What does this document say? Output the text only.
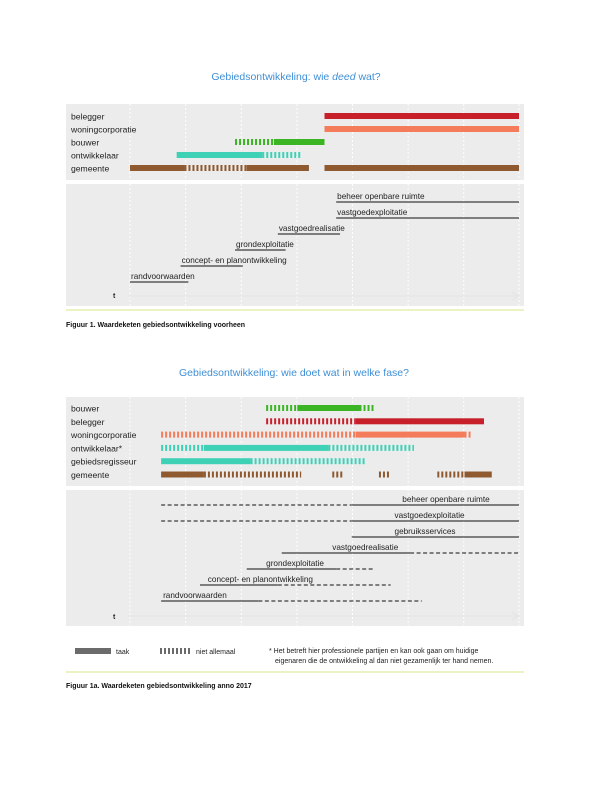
Gebiedsontwikkeling: wie deed wat?
belegger
woningcorporatie
bouwer
ontwikkelaar
gemeente
beheer openbare ruimte
vastgoedexploitatie
vastgoedrealisatie
grondexploitatie
concept- en planontwikkeling
randvoorwaarden
t
Figuur 1. Waardeketen gebiedsontwikkeling voorheen
Gebiedsontwikkeling: wie doet wat in welke fase?
bouwer
belegger
woningcorporatie
ontwikkelaar*
gebiedsregisseur
gemeente
beheer openbare ruimte
vastgoedexploitatie
gebruiksservices
vastgoedrealisatie
grondexploitatie
concept- en planontwikkeling
randvoorwaarden
t
taak	niet allemaal	* Het betreft hier professionele partijen en kan ook gaan om huidige
eigenaren die de ontwikkeling al dan niet gezamenlijk ter hand nemen.
Figuur 1a. Waardeketen gebiedsontwikkeling anno 2017
